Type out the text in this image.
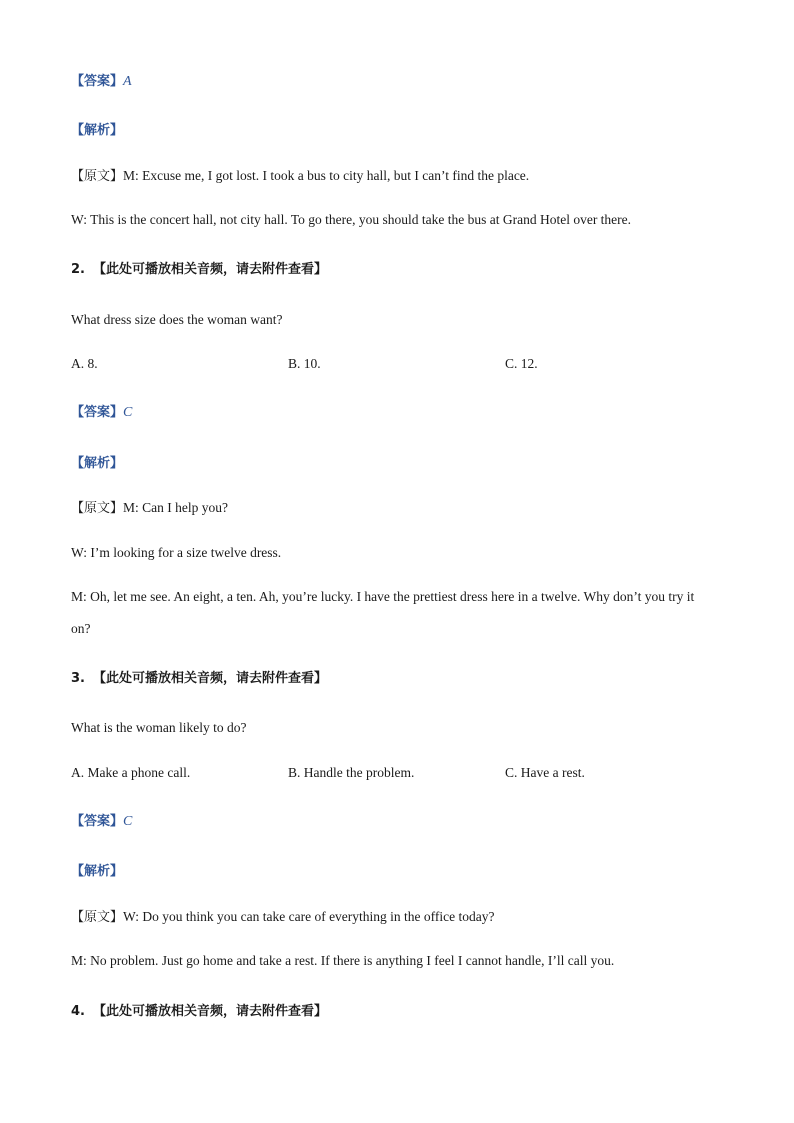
【答案】A
【解析】
【原文】M: Excuse me, I got lost. I took a bus to city hall, but I can’t find the place.
W: This is the concert hall, not city hall. To go there, you should take the bus at Grand Hotel over there.
2. 【此处可播放相关音频，请去附件查看】
What dress size does the woman want?
A. 8.	B. 10.	C. 12.
【答案】C
【解析】
【原文】M: Can I help you?
W: I’m looking for a size twelve dress.
M: Oh, let me see. An eight, a ten. Ah, you’re lucky. I have the prettiest dress here in a twelve. Why don’t you try it
on?
3. 【此处可播放相关音频，请去附件查看】
What is the woman likely to do?
A. Make a phone call.	B. Handle the problem.	C. Have a rest.
【答案】C
【解析】
【原文】W: Do you think you can take care of everything in the office today?
M: No problem. Just go home and take a rest. If there is anything I feel I cannot handle, I’ll call you.
4. 【此处可播放相关音频，请去附件查看】
